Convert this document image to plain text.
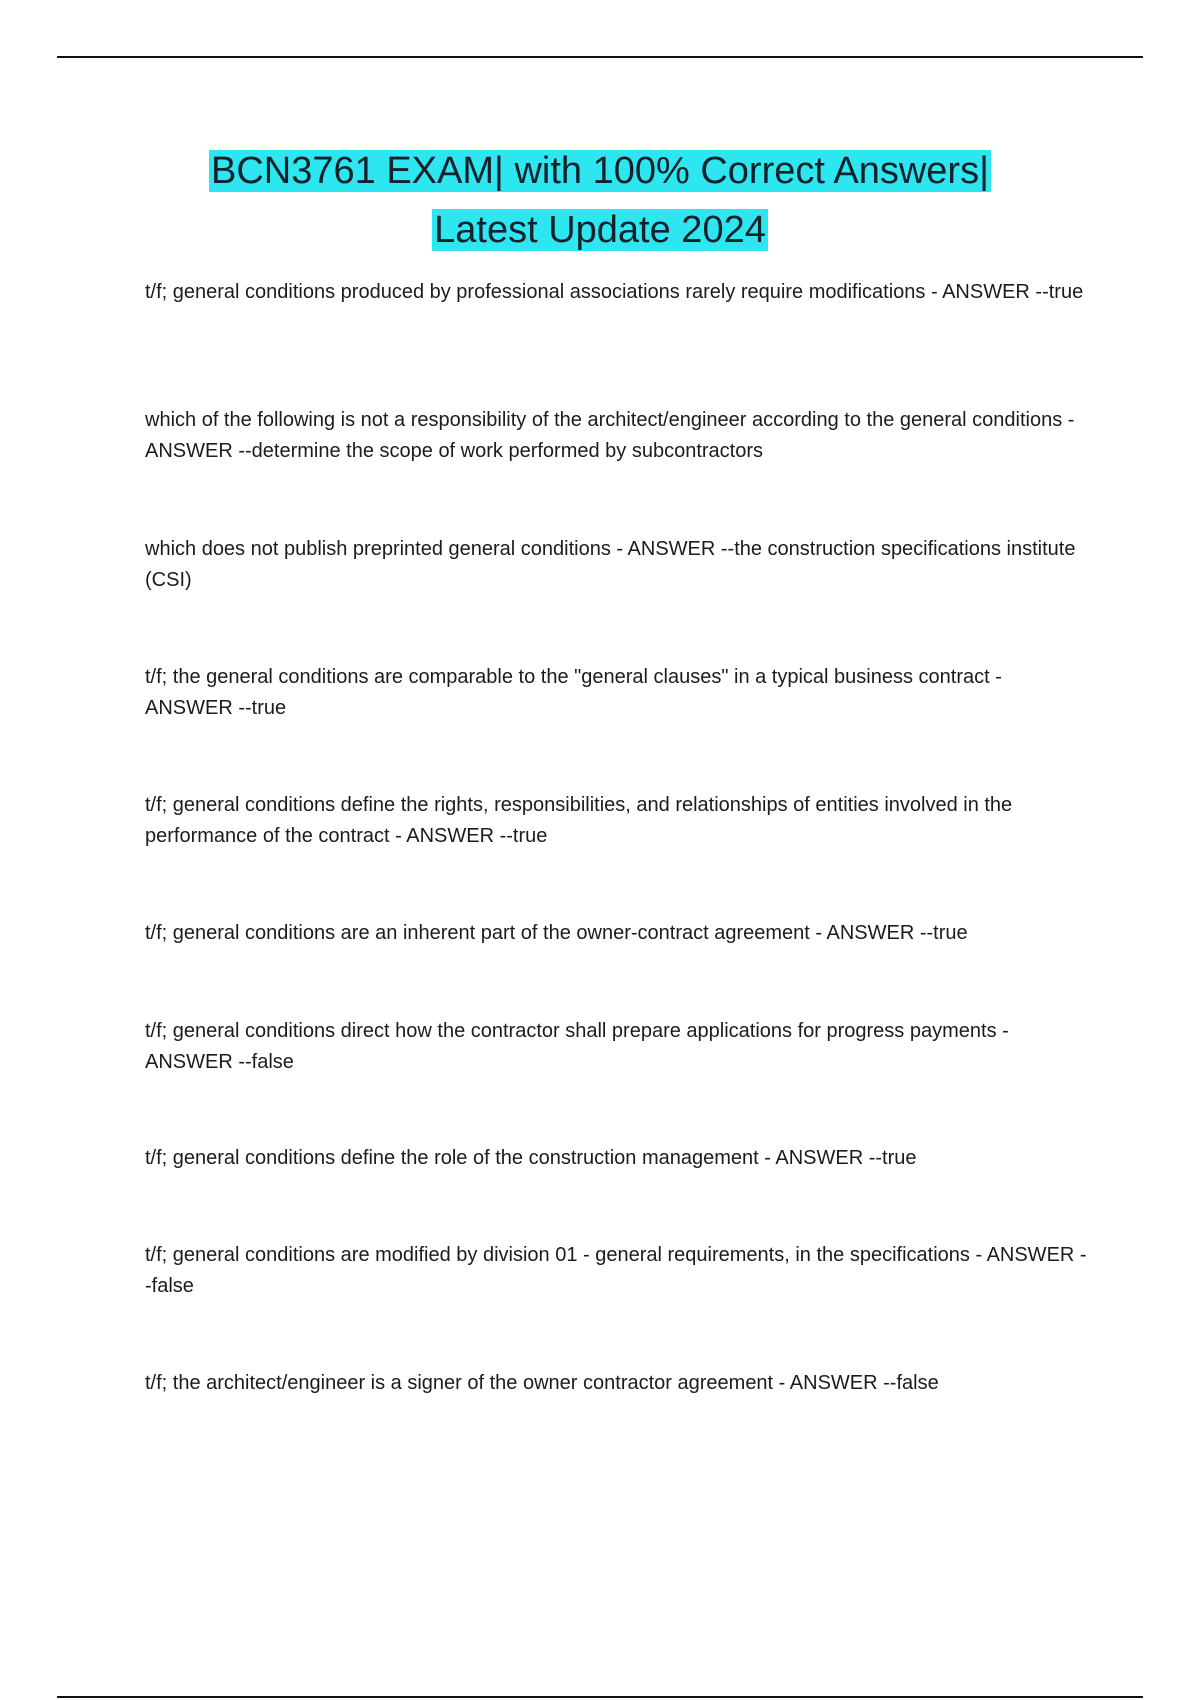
BCN3761 EXAM| with 100% Correct Answers|
Latest Update 2024
t/f; general conditions produced by professional associations rarely require modifications - ANSWER --true
which of the following is not a responsibility of the architect/engineer according to the general conditions - ANSWER --determine the scope of work performed by subcontractors
which does not publish preprinted general conditions - ANSWER --the construction specifications institute (CSI)
t/f; the general conditions are comparable to the "general clauses" in a typical business contract - ANSWER --true
t/f; general conditions define the rights, responsibilities, and relationships of entities involved in the performance of the contract - ANSWER --true
t/f; general conditions are an inherent part of the owner-contract agreement - ANSWER --true
t/f; general conditions direct how the contractor shall prepare applications for progress payments - ANSWER --false
t/f; general conditions define the role of the construction management - ANSWER --true
t/f; general conditions are modified by division 01 - general requirements, in the specifications - ANSWER --false
t/f; the architect/engineer is a signer of the owner contractor agreement - ANSWER --false
